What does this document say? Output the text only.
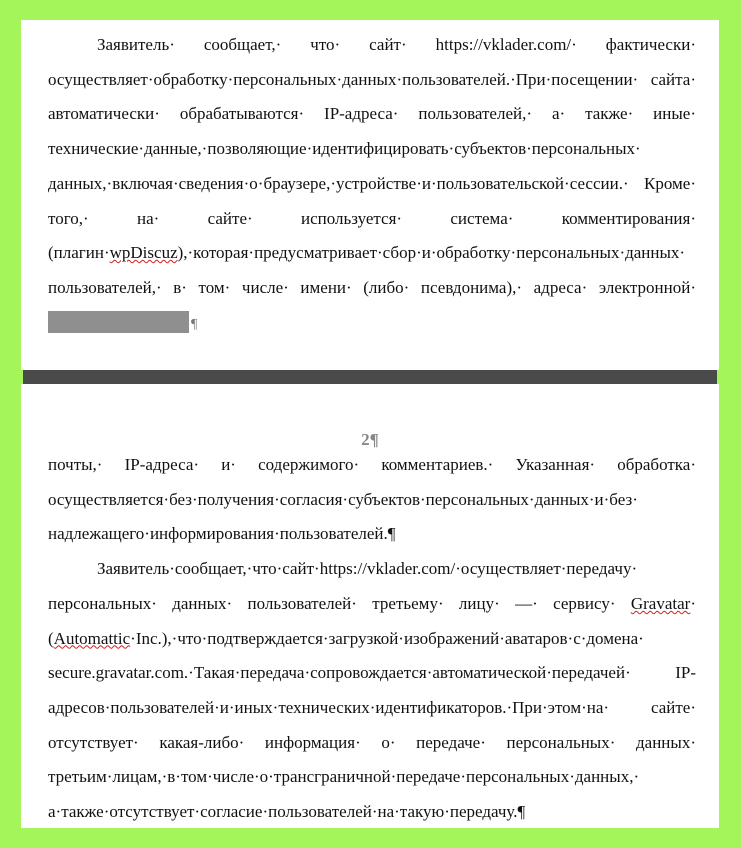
Заявитель· сообщает,· что· сайт· https://vklader.com/· фактически· осуществляет·обработку·персональных·данных·пользователей.·При·посещении· сайта· автоматически· обрабатываются· IP-адреса· пользователей,· а· также· иные· технические·данные,·позволяющие·идентифицировать·субъектов·персональных· данных,·включая·сведения·о·браузере,·устройстве·и·пользовательской·сессии.· Кроме· того,· на· сайте· используется· система· комментирования· (плагин·wpDiscuz),·которая·предусматривает·сбор·и·обработку·персональных·данных· пользователей,· в· том· числе· имени· (либо· псевдонима),· адреса· электронной·¶

2¶

почты,· IP-адреса· и· содержимого· комментариев.· Указанная· обработка· осуществляется·без·получения·согласия·субъектов·персональных·данных·и·без· надлежащего·информирования·пользователей.¶

Заявитель·сообщает,·что·сайт·https://vklader.com/·осуществляет·передачу· персональных· данных· пользователей· третьему· лицу· —· сервису· Gravatar· (Automattic·Inc.),·что·подтверждается·загрузкой·изображений·аватаров·с·домена· secure.gravatar.com.·Такая·передача·сопровождается·автоматической·передачей· IP-адресов·пользователей·и·иных·технических·идентификаторов.·При·этом·на· сайте· отсутствует· какая-либо· информация· о· передаче· персональных· данных· третьим·лицам,·в·том·числе·о·трансграничной·передаче·персональных·данных,· а·также·отсутствует·согласие·пользователей·на·такую·передачу.¶
